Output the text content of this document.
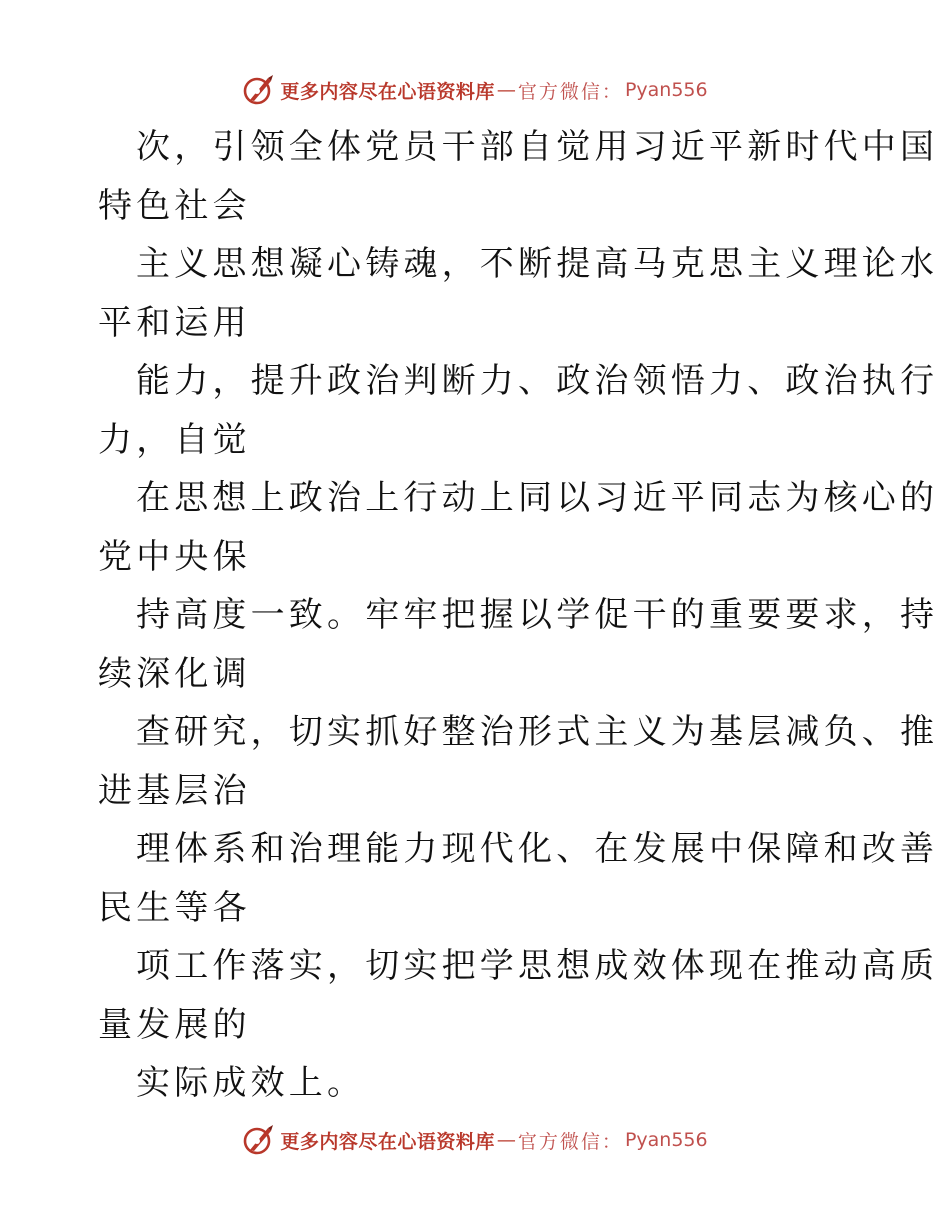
更多内容尽在心语资料库 — 官方微信： Pyan556
次，引领全体党员干部自觉用习近平新时代中国
特色社会
主义思想凝心铸魂，不断提高马克思主义理论水
平和运用
能力，提升政治判断力、政治领悟力、政治执行
力，自觉
在思想上政治上行动上同以习近平同志为核心的
党中央保
持高度一致。牢牢把握以学促干的重要要求，持
续深化调
查研究，切实抓好整治形式主义为基层减负、推
进基层治
理体系和治理能力现代化、在发展中保障和改善
民生等各
项工作落实，切实把学思想成效体现在推动高质
量发展的
实际成效上。
更多内容尽在心语资料库 — 官方微信： Pyan556
